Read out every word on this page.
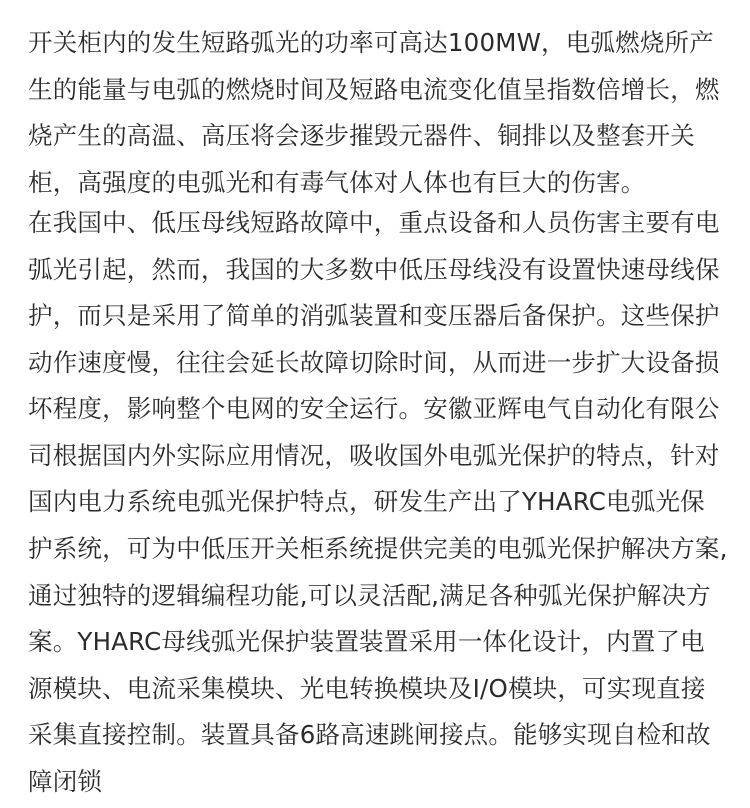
开关柜内的发生短路弧光的功率可高达100MW，电弧燃烧所产生的能量与电弧的燃烧时间及短路电流变化值呈指数倍增长，燃烧产生的高温、高压将会逐步摧毁元器件、铜排以及整套开关柜，高强度的电弧光和有毒气体对人体也有巨大的伤害。

在我国中、低压母线短路故障中，重点设备和人员伤害主要有电弧光引起，然而，我国的大多数中低压母线没有设置快速母线保护，而只是采用了简单的消弧装置和变压器后备保护。这些保护动作速度慢，往往会延长故障切除时间，从而进一步扩大设备损坏程度，影响整个电网的安全运行。安徽亚辉电气自动化有限公司根据国内外实际应用情况，吸收国外电弧光保护的特点，针对国内电力系统电弧光保护特点，研发生产出了YHARC电弧光保护系统，可为中低压开关柜系统提供完美的电弧光保护解决方案,通过独特的逻辑编程功能,可以灵活配,满足各种弧光保护解决方案。YHARC母线弧光保护装置装置采用一体化设计，内置了电源模块、电流采集模块、光电转换模块及I/O模块，可实现直接采集直接控制。装置具备6路高速跳闸接点。能够实现自检和故障闭锁
